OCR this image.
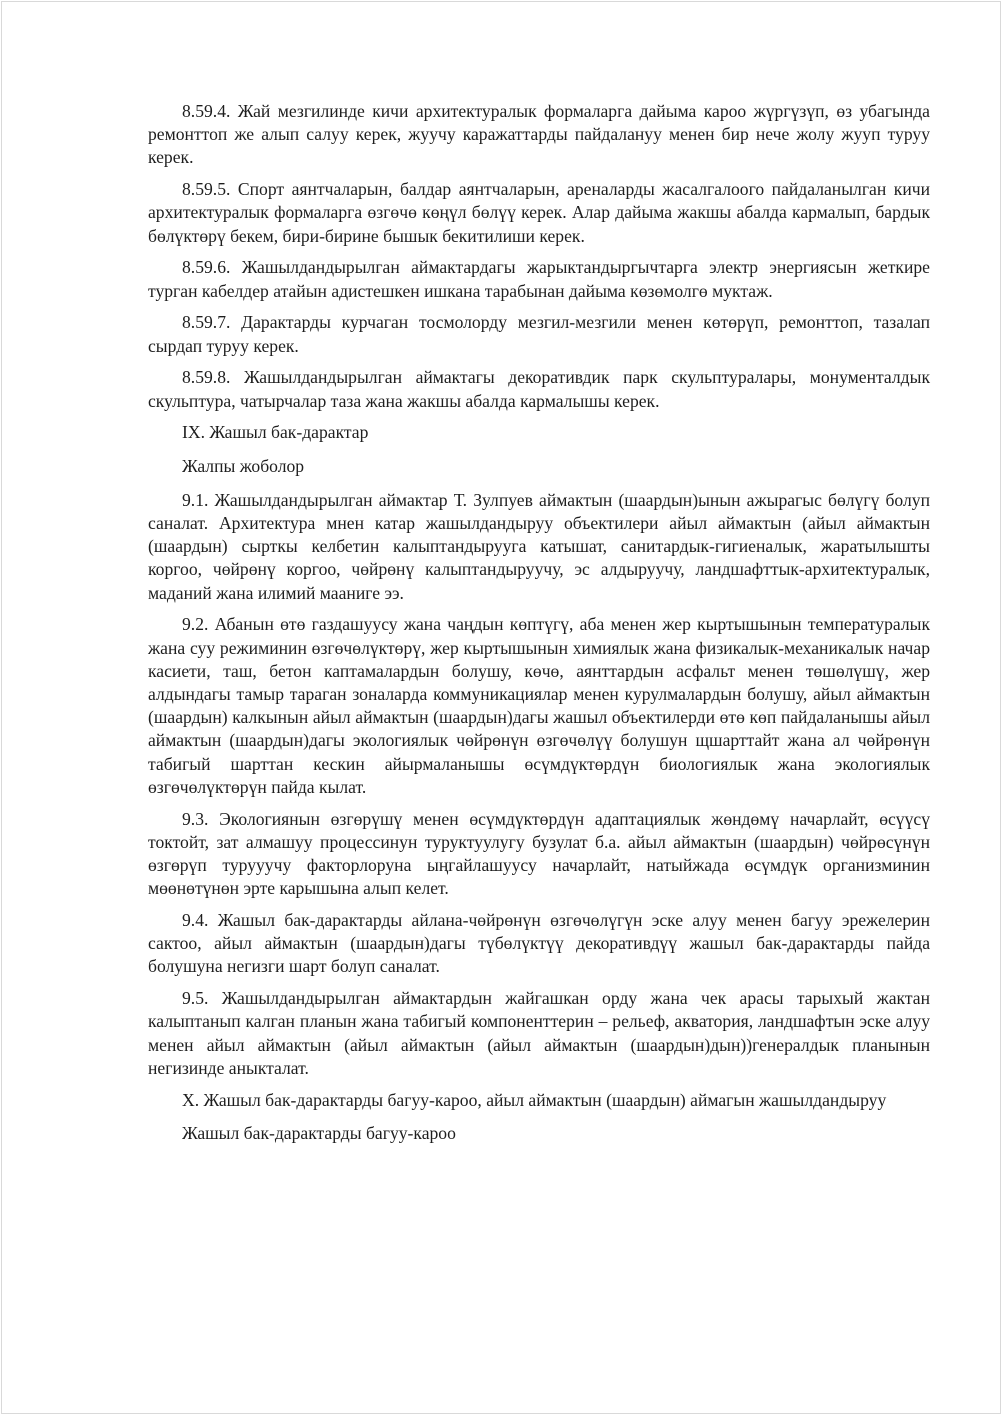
8.59.4. Жай мезгилинде кичи архитектуралык формаларга дайыма кароо жүргүзүп, өз убагында ремонттоп же алып салуу керек, жуучу каражаттарды пайдалануу менен бир нече жолу жууп туруу керек.

8.59.5. Спорт аянтчаларын, балдар аянтчаларын, ареналарды жасалгалоого пайдаланылган кичи архитектуралык формаларга өзгөчө көңүл бөлүү керек. Алар дайыма жакшы абалда кармалып, бардык бөлүктөрү бекем, бири-бирине бышык бекитилиши керек.

8.59.6. Жашылдандырылган аймактардагы жарыктандыргычтарга электр энергиясын жеткире турган кабелдер атайын адистешкен ишкана тарабынан дайыма көзөмолгө муктаж.

8.59.7. Дарактарды курчаган тосмолорду мезгил-мезгили менен көтөрүп, ремонттоп, тазалап сырдап туруу керек.

8.59.8. Жашылдандырылган аймактагы декоративдик парк скульптуралары, монументалдык скульптура, чатырчалар таза жана жакшы абалда кармалышы керек.

IX. Жашыл бак-дарактар

Жалпы жоболор

9.1. Жашылдандырылган аймактар Т. Зулпуев аймактын (шаардын)ынын ажырагыс бөлүгү болуп саналат. Архитектура мнен катар жашылдандыруу объектилери айыл аймактын (айыл аймактын (шаардын) сырткы келбетин калыптандырууга катышат, санитардык-гигиеналык, жаратылышты коргоо, чөйрөнү коргоо, чөйрөнү калыптандыруучу, эс алдыруучу, ландшафттык-архитектуралык, маданий жана илимий мааниге ээ.

9.2. Абанын өтө газдашуусу жана чаңдын көптүгү, аба менен жер кыртышынын температуралык жана суу режиминин өзгөчөлүктөрү, жер кыртышынын химиялык жана физикалык-механикалык начар касиети, таш, бетон каптамалардын болушу, көчө, аянттардын асфальт менен төшөлүшү, жер алдындагы тамыр тараган зоналарда коммуникациялар менен курулмалардын болушу, айыл аймактын (шаардын) калкынын айыл аймактын (шаардын)дагы жашыл объектилерди өтө көп пайдаланышы айыл аймактын (шаардын)дагы экологиялык чөйрөнүн өзгөчөлүү болушун щшарттайт жана ал чөйрөнүн табигый шарттан кескин айырмаланышы өсүмдүктөрдүн биологиялык жана экологиялык өзгөчөлүктөрүн пайда кылат.

9.3. Экологиянын өзгөрүшү менен өсүмдүктөрдүн адаптациялык жөндөмү начарлайт, өсүүсү токтойт, зат алмашуу процессинун туруктуулугу бузулат б.а. айыл аймактын (шаардын) чөйрөсүнүн өзгөрүп турууучу факторлоруна ыңгайлашуусу начарлайт, натыйжада өсүмдүк организминин мөөнөтүнөн эрте карышына алып келет.

9.4. Жашыл бак-дарактарды айлана-чөйрөнүн өзгөчөлүгүн эске алуу менен багуу эрежелерин сактоо, айыл аймактын (шаардын)дагы түбөлүктүү декоративдүү жашыл бак-дарактарды пайда болушуна негизги шарт болуп саналат.

9.5. Жашылдандырылган аймактардын жайгашкан орду жана чек арасы тарыхый жактан калыптанып калган планын жана табигый компоненттерин – рельеф, акватория, ландшафтын эске алуу менен айыл аймактын (айыл аймактын (айыл аймактын (шаардын)дын))генералдык планынын негизинде аныкталат.

X. Жашыл бак-дарактарды багуу-кароо, айыл аймактын (шаардын) аймагын жашылдандыруу

Жашыл бак-дарактарды багуу-кароо
